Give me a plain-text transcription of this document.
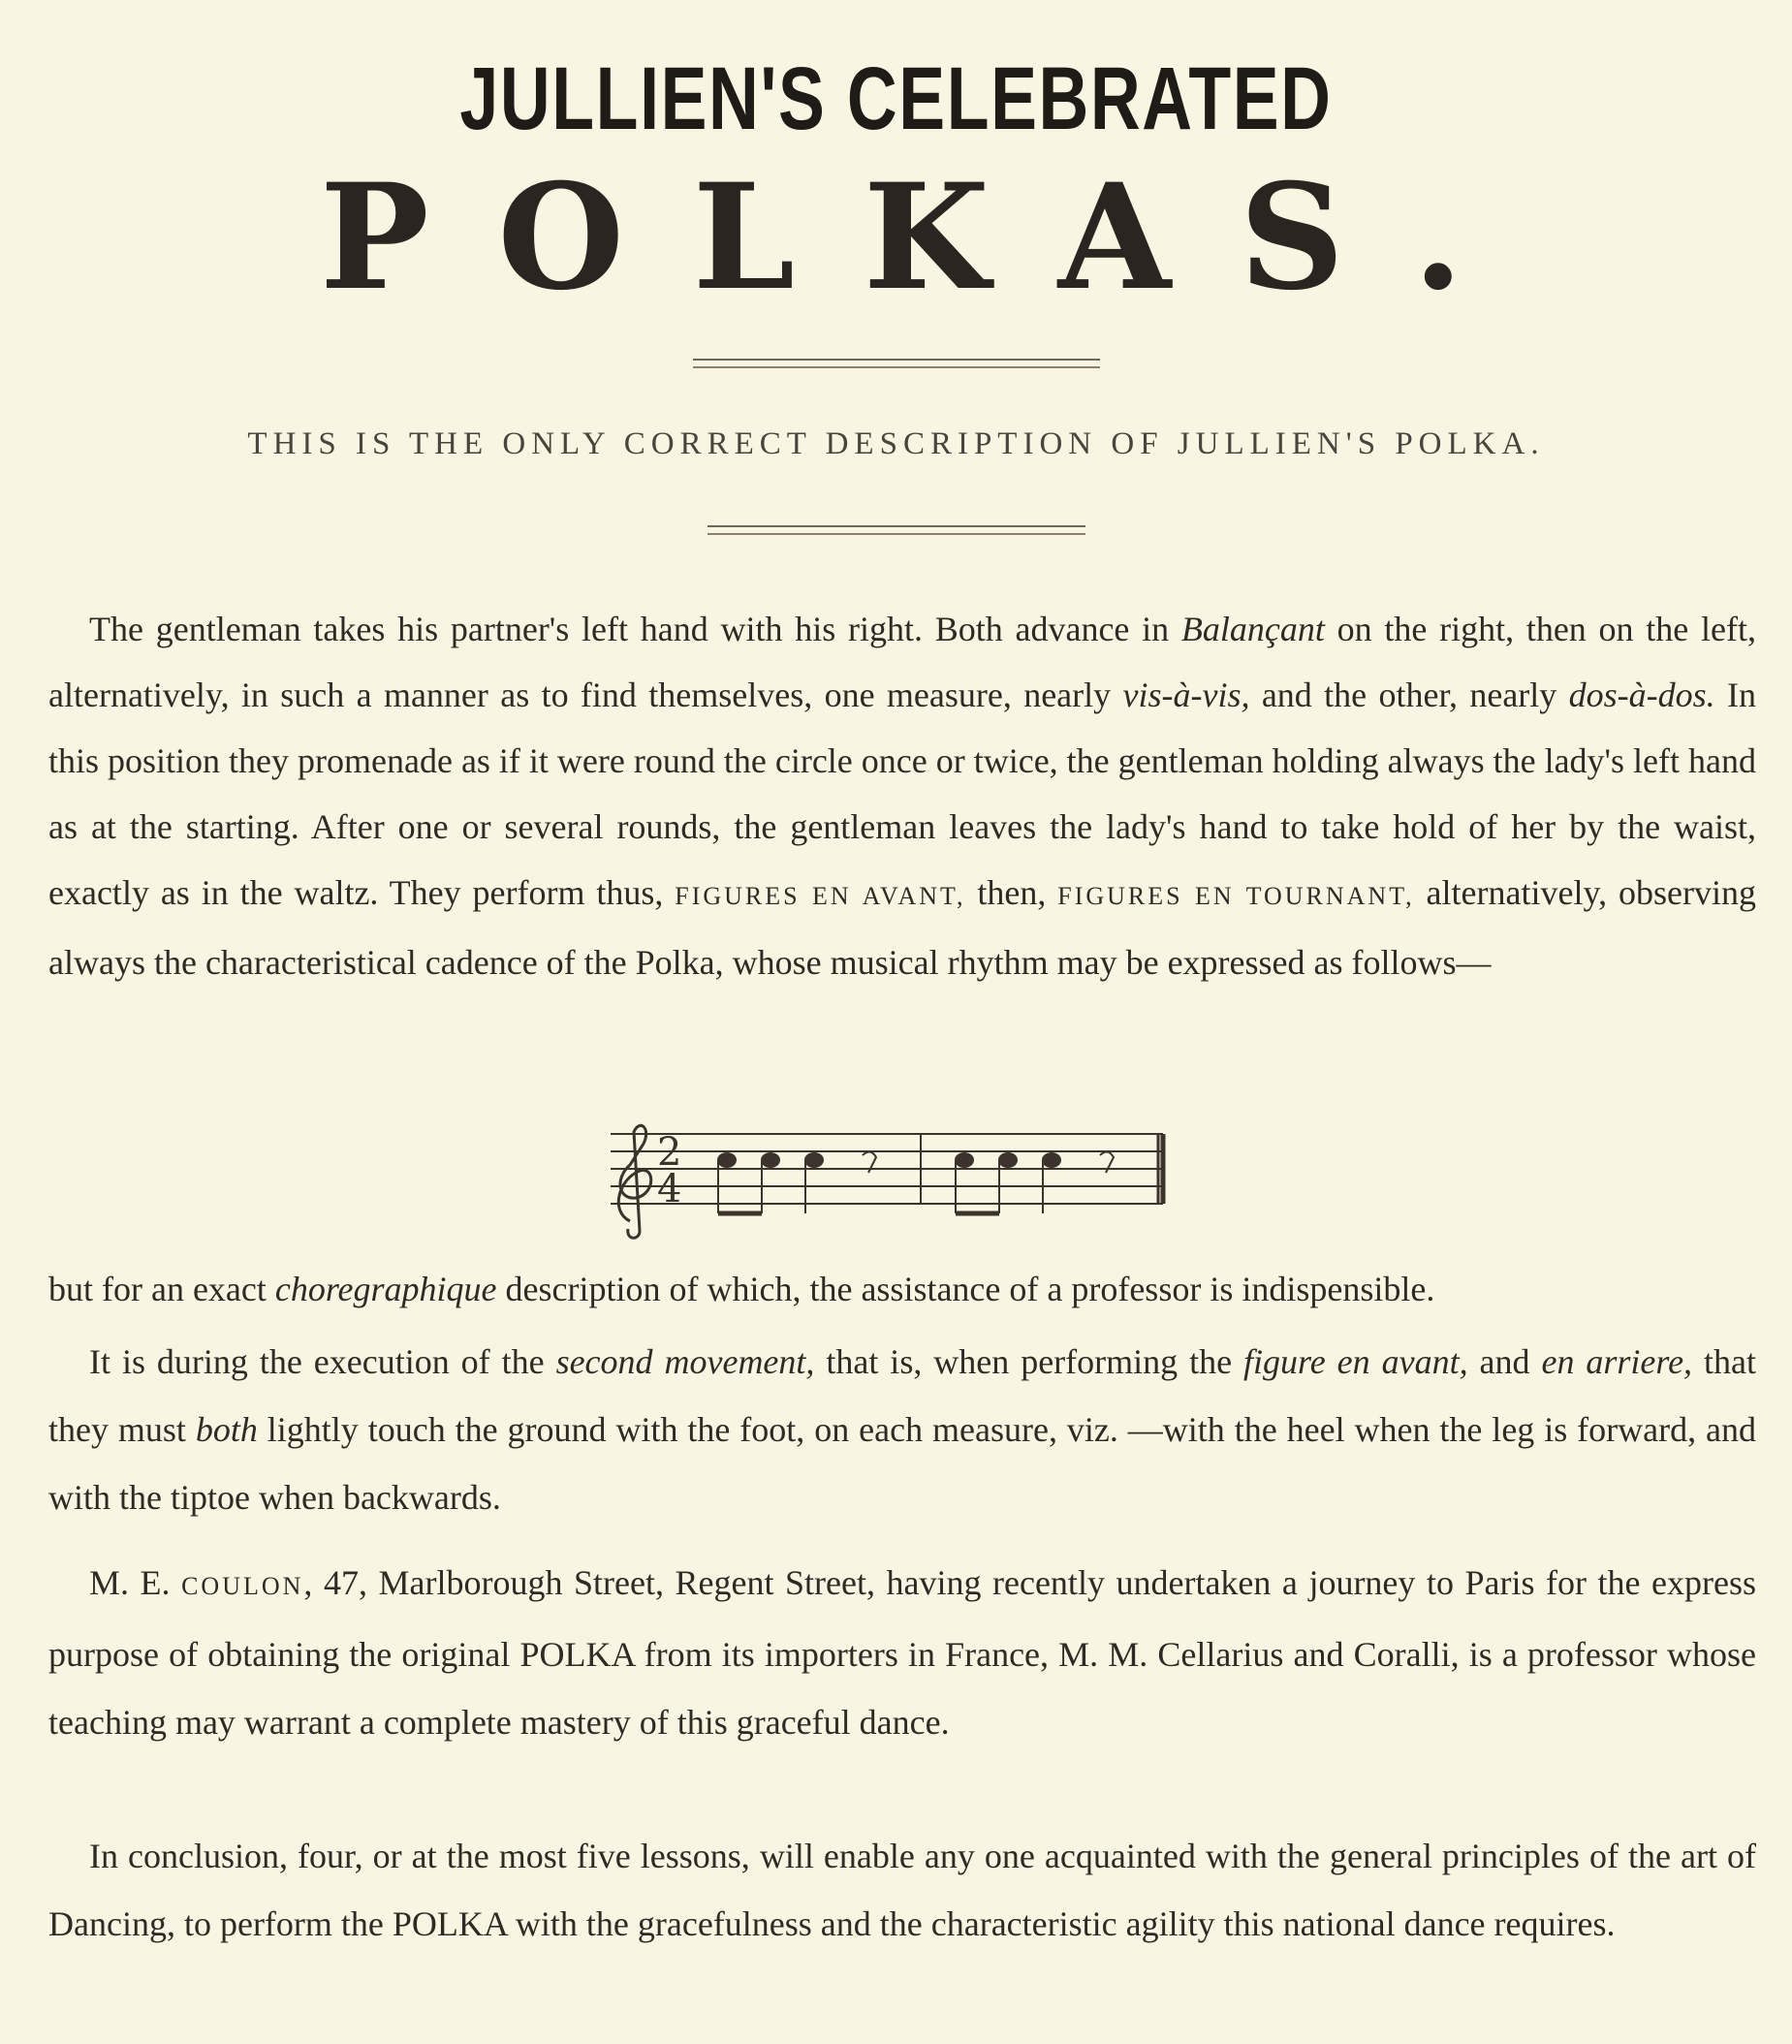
JULLIEN'S CELEBRATED
P O L K A S .
THIS IS THE ONLY CORRECT DESCRIPTION OF JULLIEN'S POLKA.

The gentleman takes his partner's left hand with his right. Both advance in Balançant on the right, then on the left, alternatively, in such a manner as to find themselves, one measure, nearly vis-à-vis, and the other, nearly dos-à-dos. In this position they promenade as if it were round the circle once or twice, the gentleman holding always the lady's left hand as at the starting. After one or several rounds, the gentleman leaves the lady's hand to take hold of her by the waist, exactly as in the waltz. They perform thus, FIGURES EN AVANT, then, FIGURES EN TOURNANT, alternatively, observing always the characteristical cadence of the Polka, whose musical rhythm may be expressed as follows—

2
4

but for an exact choregraphique description of which, the assistance of a professor is indispensible.

It is during the execution of the second movement, that is, when performing the figure en avant, and en arriere, that they must both lightly touch the ground with the foot, on each measure, viz. —with the heel when the leg is forward, and with the tiptoe when backwards.

M. E. COULON, 47, Marlborough Street, Regent Street, having recently undertaken a journey to Paris for the express purpose of obtaining the original POLKA from its importers in France, M. M. Cellarius and Coralli, is a professor whose teaching may warrant a complete mastery of this graceful dance.

In conclusion, four, or at the most five lessons, will enable any one acquainted with the general principles of the art of Dancing, to perform the POLKA with the gracefulness and the characteristic agility this national dance requires.
